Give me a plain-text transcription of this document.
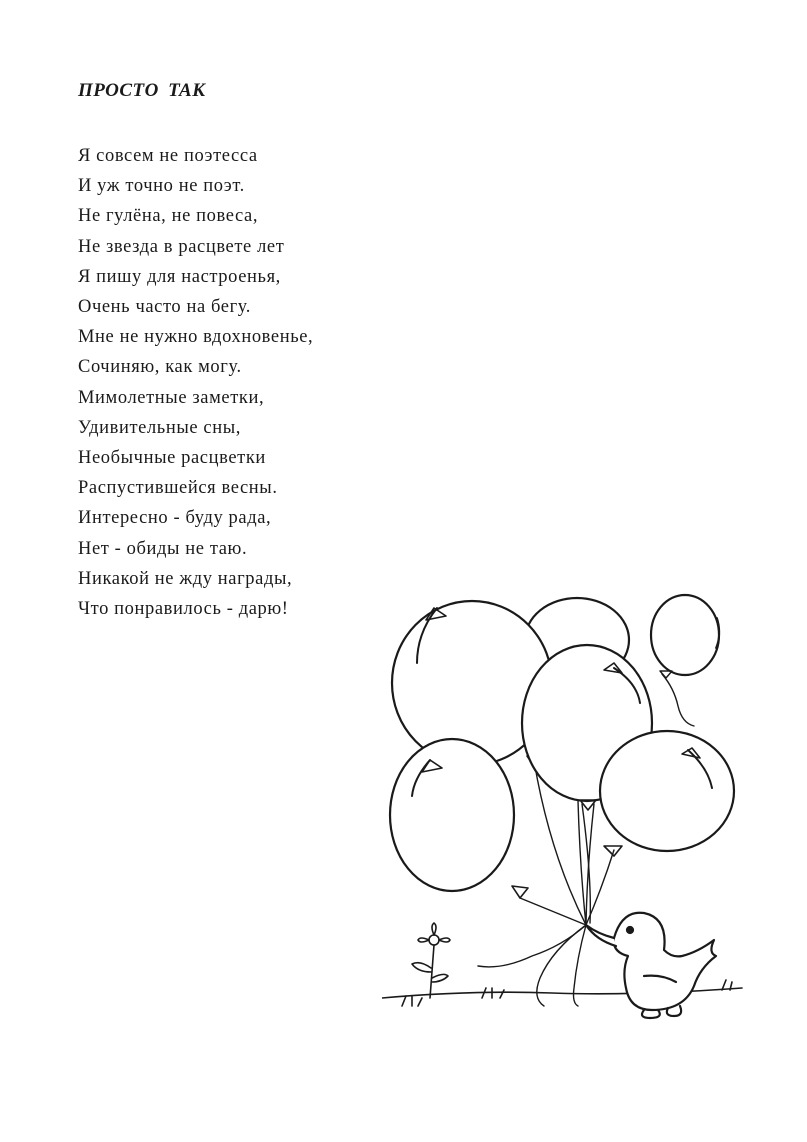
ПРОСТО ТАК
Я совсем не поэтесса
И уж точно не поэт.
Не гулёна, не повеса,
Не звезда в расцвете лет
Я пишу для настроенья,
Очень часто на бегу.
Мне не нужно вдохновенье,
Сочиняю, как могу.
Мимолетные заметки,
Удивительные сны,
Необычные расцветки
Распустившейся весны.
Интересно - буду рада,
Нет - обиды не таю.
Никакой не жду награды,
Что понравилось - дарю!
